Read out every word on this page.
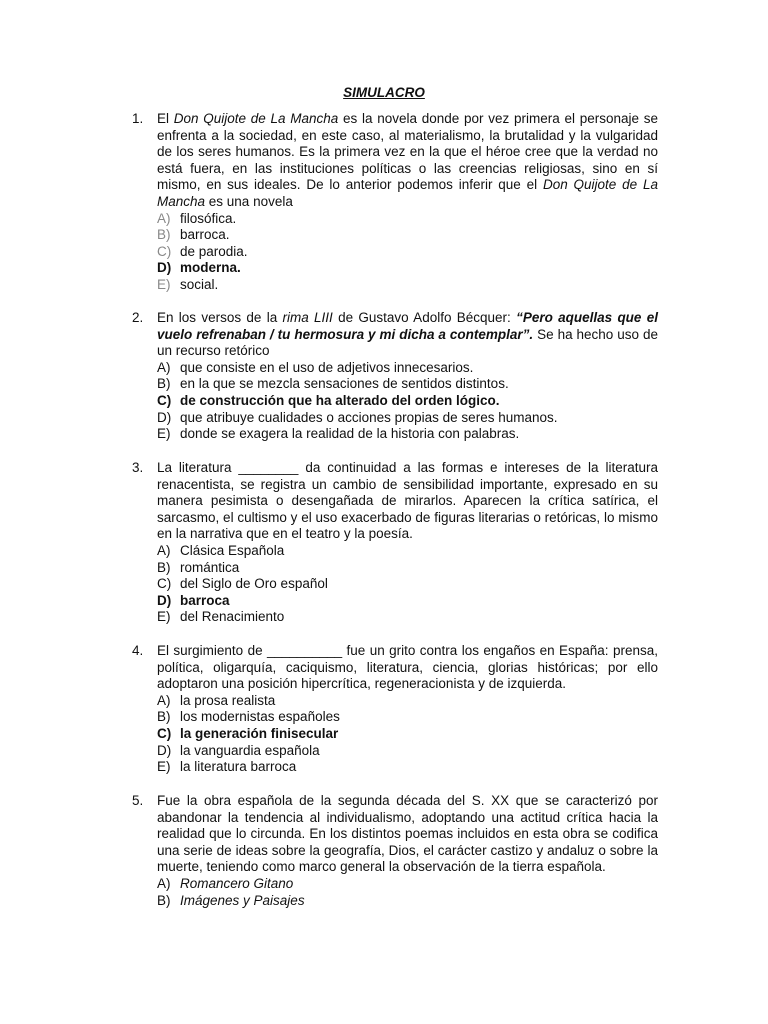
SIMULACRO
1. El Don Quijote de La Mancha es la novela donde por vez primera el personaje se enfrenta a la sociedad, en este caso, al materialismo, la brutalidad y la vulgaridad de los seres humanos. Es la primera vez en la que el héroe cree que la verdad no está fuera, en las instituciones políticas o las creencias religiosas, sino en sí mismo, en sus ideales. De lo anterior podemos inferir que el Don Quijote de La Mancha es una novela
A) filosófica.
B) barroca.
C) de parodia.
D) moderna.
E) social.
2. En los versos de la rima LIII de Gustavo Adolfo Bécquer: “Pero aquellas que el vuelo refrenaban / tu hermosura y mi dicha a contemplar”. Se ha hecho uso de un recurso retórico
A) que consiste en el uso de adjetivos innecesarios.
B) en la que se mezcla sensaciones de sentidos distintos.
C) de construcción que ha alterado del orden lógico.
D) que atribuye cualidades o acciones propias de seres humanos.
E) donde se exagera la realidad de la historia con palabras.
3. La literatura ________ da continuidad a las formas e intereses de la literatura renacentista, se registra un cambio de sensibilidad importante, expresado en su manera pesimista o desengañada de mirarlos. Aparecen la crítica satírica, el sarcasmo, el cultismo y el uso exacerbado de figuras literarias o retóricas, lo mismo en la narrativa que en el teatro y la poesía.
A) Clásica Española
B) romántica
C) del Siglo de Oro español
D) barroca
E) del Renacimiento
4. El surgimiento de __________ fue un grito contra los engaños en España: prensa, política, oligarquía, caciquismo, literatura, ciencia, glorias históricas; por ello adoptaron una posición hipercrítica, regeneracionista y de izquierda.
A) la prosa realista
B) los modernistas españoles
C) la generación finisecular
D) la vanguardia española
E) la literatura barroca
5. Fue la obra española de la segunda década del S. XX que se caracterizó por abandonar la tendencia al individualismo, adoptando una actitud crítica hacia la realidad que lo circunda. En los distintos poemas incluidos en esta obra se codifica una serie de ideas sobre la geografía, Dios, el carácter castizo y andaluz o sobre la muerte, teniendo como marco general la observación de la tierra española.
A) Romancero Gitano
B) Imágenes y Paisajes
